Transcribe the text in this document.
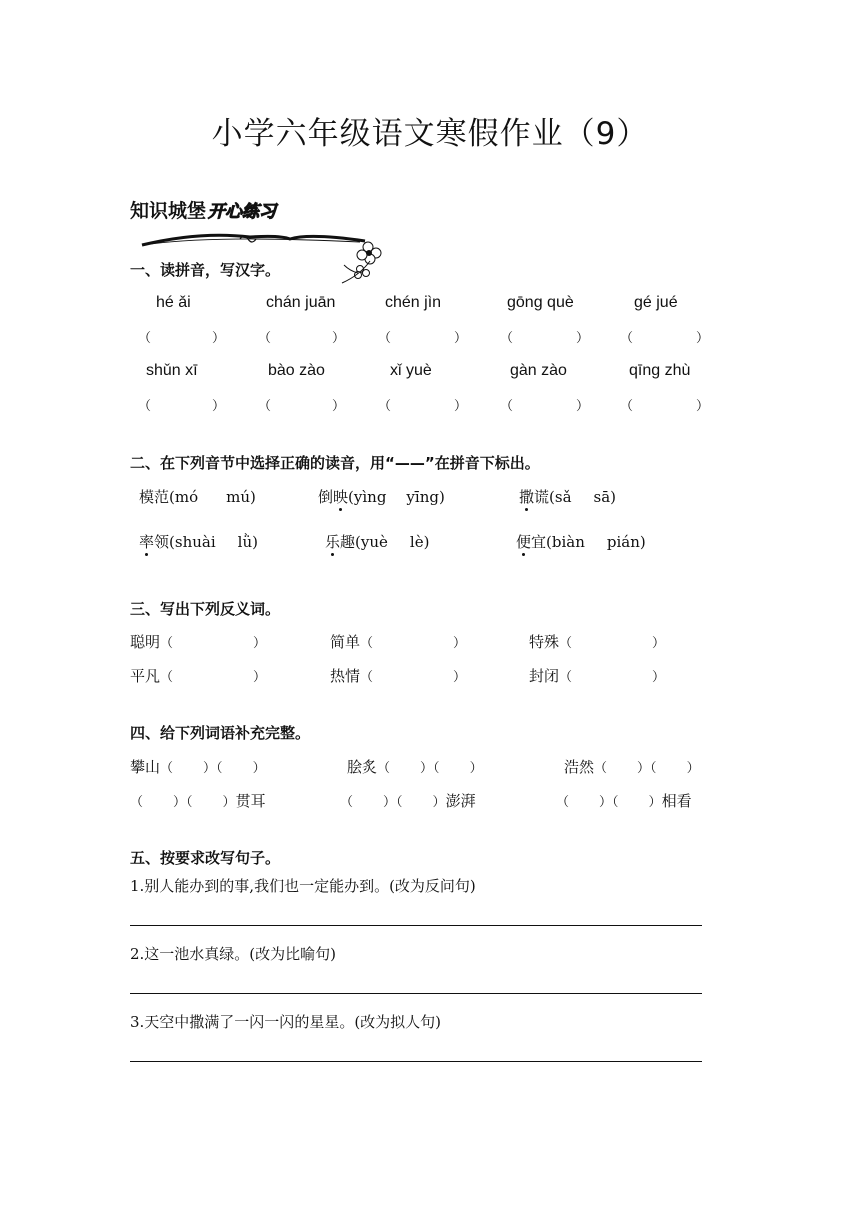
小学六年级语文寒假作业（9）
知识城堡 开心练习
一、读拼音，写汉字。
hé ǎi	chán juān	chén jìn	gōng què	gé jué
（	）	（	）	（	）	（	） （	）
shǔn xī	bào zào	xǐ yuè	gàn zào	qīng zhù
（	）	（	）	（	）	（	） （	）
二、在下列音节中选择正确的读音，用“——”在拼音下标出。
模范(mó mú)	倒映(yìng yīng)	撒谎(sǎ sā)
率领(shuài lǜ)	乐趣(yuè lè)	便宜(biàn pián)
三、写出下列反义词。
聪明（	）	简单（	）	特殊（	）
平凡（	）	热情（	）	封闭（	）
四、给下列词语补充完整。
攀山（ ）（ ）	脍炙（ ）（ ）	浩然（ ）（ ）
（ ）（ ）贯耳	（ ）（ ）澎湃	（ ）（ ）相看
五、按要求改写句子。
1.别人能办到的事,我们也一定能办到。(改为反问句)
2.这一池水真绿。(改为比喻句)
3.天空中撒满了一闪一闪的星星。(改为拟人句)
